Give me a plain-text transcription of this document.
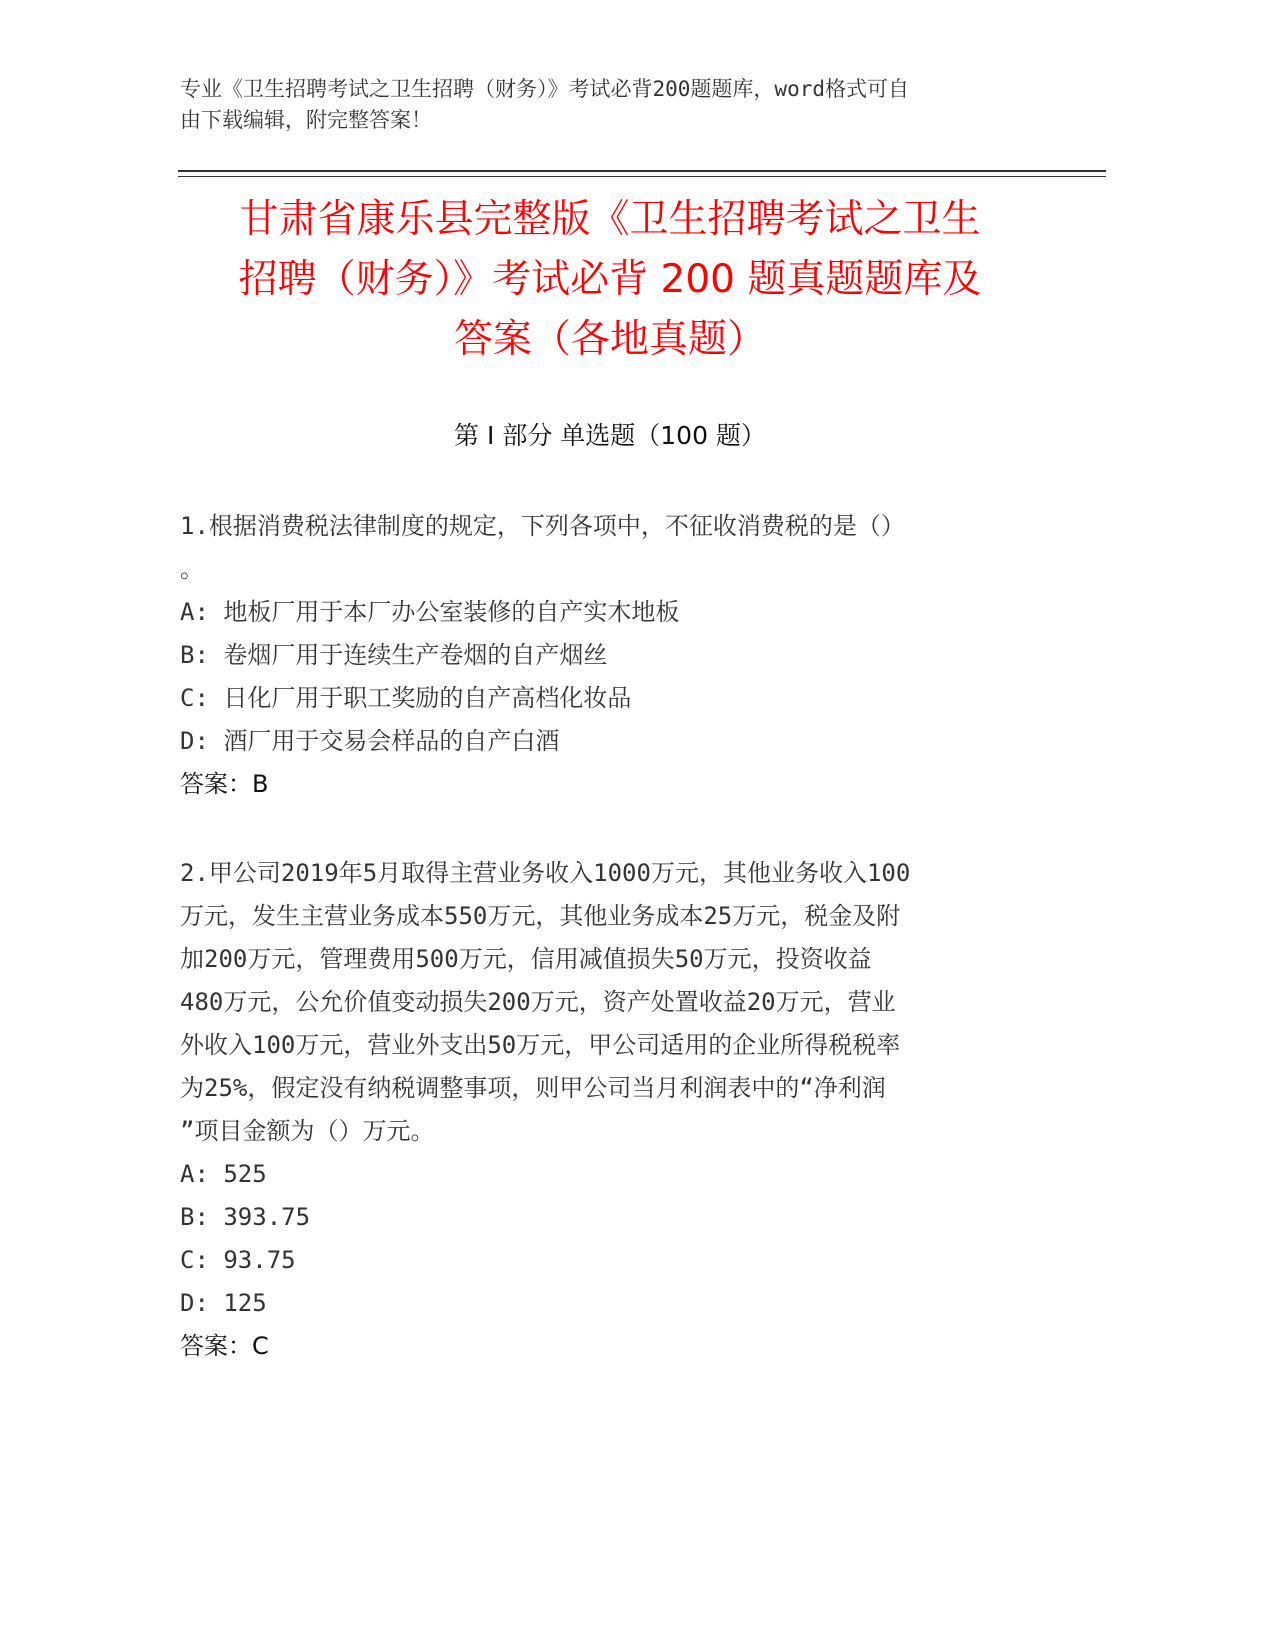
专业《卫生招聘考试之卫生招聘（财务）》考试必背200题题库，word格式可自
由下载编辑，附完整答案！
甘肃省康乐县完整版《卫生招聘考试之卫生
招聘（财务）》考试必背 200 题真题题库及
答案（各地真题）
第 I 部分 单选题（100 题）

1.根据消费税法律制度的规定，下列各项中，不征收消费税的是（）

。

A: 地板厂用于本厂办公室装修的自产实木地板

B: 卷烟厂用于连续生产卷烟的自产烟丝

C: 日化厂用于职工奖励的自产高档化妆品

D: 酒厂用于交易会样品的自产白酒

答案：B

2.甲公司2019年5月取得主营业务收入1000万元，其他业务收入100

万元，发生主营业务成本550万元，其他业务成本25万元，税金及附

加200万元，管理费用500万元，信用减值损失50万元，投资收益

480万元，公允价值变动损失200万元，资产处置收益20万元，营业

外收入100万元，营业外支出50万元，甲公司适用的企业所得税税率

为25%，假定没有纳税调整事项，则甲公司当月利润表中的“净利润

”项目金额为（）万元。

A: 525

B: 393.75

C: 93.75

D: 125

答案：C
